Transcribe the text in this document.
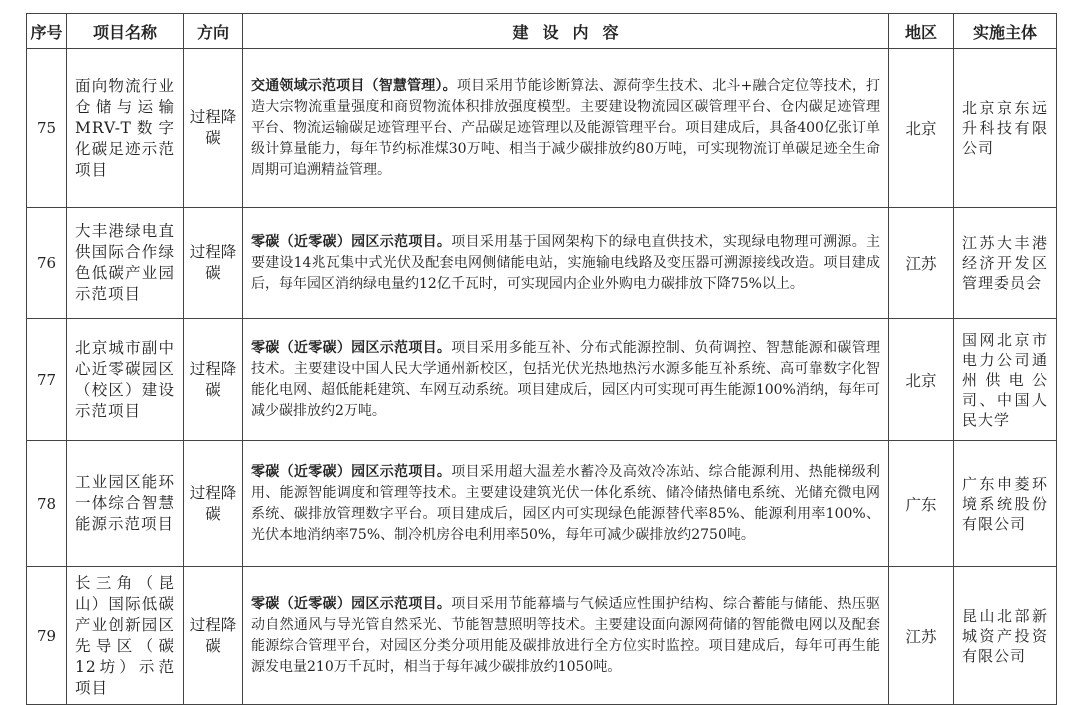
序号	项目名称	方向	建设内容	地区	实施主体
75	面向物流行业仓储与运输MRV-T数字化碳足迹示范项目	过程降碳	交通领域示范项目（智慧管理）。项目采用节能诊断算法、源荷孪生技术、北斗+融合定位等技术，打造大宗物流重量强度和商贸物流体积排放强度模型。主要建设物流园区碳管理平台、仓内碳足迹管理平台、物流运输碳足迹管理平台、产品碳足迹管理以及能源管理平台。项目建成后，具备400亿张订单级计算量能力，每年节约标准煤30万吨、相当于减少碳排放约80万吨，可实现物流订单碳足迹全生命周期可追溯精益管理。	北京	北京京东远升科技有限公司
76	大丰港绿电直供国际合作绿色低碳产业园示范项目	过程降碳	零碳（近零碳）园区示范项目。项目采用基于国网架构下的绿电直供技术，实现绿电物理可溯源。主要建设14兆瓦集中式光伏及配套电网侧储能电站，实施输电线路及变压器可溯源接线改造。项目建成后，每年园区消纳绿电量约12亿千瓦时，可实现园内企业外购电力碳排放下降75%以上。	江苏	江苏大丰港经济开发区管理委员会
77	北京城市副中心近零碳园区（校区）建设示范项目	过程降碳	零碳（近零碳）园区示范项目。项目采用多能互补、分布式能源控制、负荷调控、智慧能源和碳管理技术。主要建设中国人民大学通州新校区，包括光伏光热地热污水源多能互补系统、高可靠数字化智能化电网、超低能耗建筑、车网互动系统。项目建成后，园区内可实现可再生能源100%消纳，每年可减少碳排放约2万吨。	北京	国网北京市电力公司通州供电公司、中国人民大学
78	工业园区能环一体综合智慧能源示范项目	过程降碳	零碳（近零碳）园区示范项目。项目采用超大温差水蓄冷及高效冷冻站、综合能源利用、热能梯级利用、能源智能调度和管理等技术。主要建设建筑光伏一体化系统、储冷储热储电系统、光储充微电网系统、碳排放管理数字平台。项目建成后，园区内可实现绿色能源替代率85%、能源利用率100%、光伏本地消纳率75%、制冷机房谷电利用率50%，每年可减少碳排放约2750吨。	广东	广东申菱环境系统股份有限公司
79	长三角（昆山）国际低碳产业创新园区先导区（碳12坊）示范项目	过程降碳	零碳（近零碳）园区示范项目。项目采用节能幕墙与气候适应性围护结构、综合蓄能与储能、热压驱动自然通风与导光管自然采光、节能智慧照明等技术。主要建设面向源网荷储的智能微电网以及配套能源综合管理平台，对园区分类分项用能及碳排放进行全方位实时监控。项目建成后，每年可再生能源发电量210万千瓦时，相当于每年减少碳排放约1050吨。	江苏	昆山北部新城资产投资有限公司
